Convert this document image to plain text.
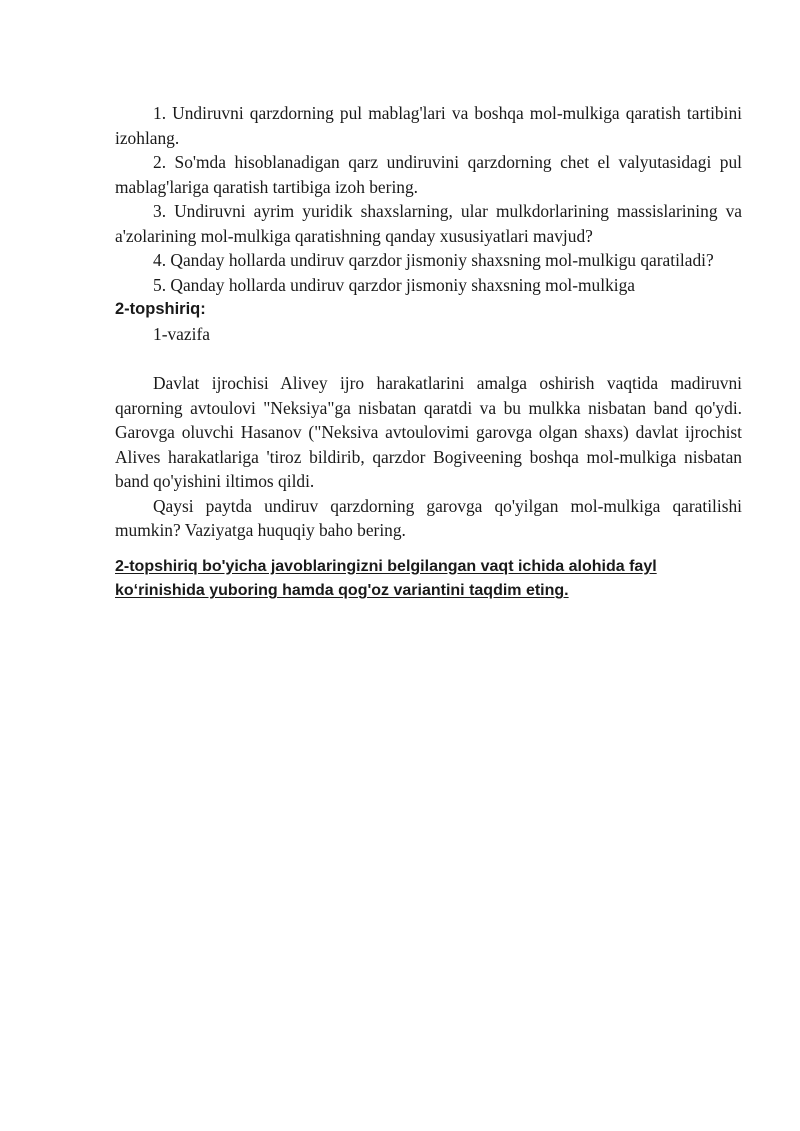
1. Undiruvni qarzdorning pul mablag'lari va boshqa mol-mulkiga qaratish tartibini izohlang.

2. So'mda hisoblanadigan qarz undiruvini qarzdorning chet el valyutasidagi pul mablag'lariga qaratish tartibiga izoh bering.

3. Undiruvni ayrim yuridik shaxslarning, ular mulkdorlarining massislarining va a'zolarining mol-mulkiga qaratishning qanday xususiyatlari mavjud?

4. Qanday hollarda undiruv qarzdor jismoniy shaxsning mol-mulkigu qaratiladi?

5. Qanday hollarda undiruv qarzdor jismoniy shaxsning mol-mulkiga

2-topshiriq:

1-vazifa

Davlat ijrochisi Alivey ijro harakatlarini amalga oshirish vaqtida madiruvni qarorning avtoulovi "Neksiya"ga nisbatan qaratdi va bu mulkka nisbatan band qo'ydi. Garovga oluvchi Hasanov ("Neksiva avtoulovimi garovga olgan shaxs) davlat ijrochist Alives harakatlariga 'tiroz bildirib, qarzdor Bogiveening boshqa mol-mulkiga nisbatan band qo'yishini iltimos qildi.

Qaysi paytda undiruv qarzdorning garovga qo'yilgan mol-mulkiga qaratilishi mumkin? Vaziyatga huquqiy baho bering.

2-topshiriq bo'yicha javoblaringizni belgilangan vaqt ichida alohida fayl ko‘rinishida yuboring hamda qog'oz variantini taqdim eting.
